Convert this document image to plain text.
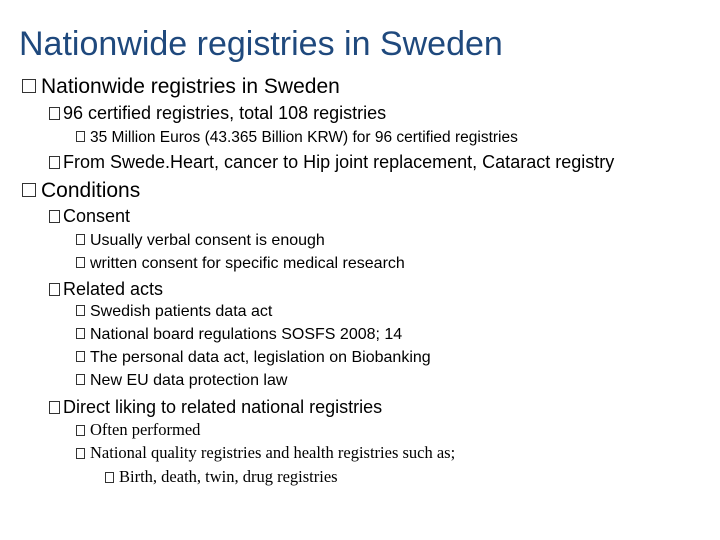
Nationwide registries in Sweden
Nationwide registries in Sweden
96 certified registries, total 108 registries
35 Million Euros (43.365 Billion KRW) for 96 certified registries
From Swede.Heart, cancer to Hip joint replacement, Cataract registry
Conditions
Consent
Usually verbal consent is enough
written consent for specific medical research
Related acts
Swedish patients data act
National board regulations SOSFS 2008; 14
The personal data act, legislation on Biobanking
New EU data protection law
Direct liking to related national registries
Often performed
National quality registries and health registries such as;
Birth, death, twin, drug registries
